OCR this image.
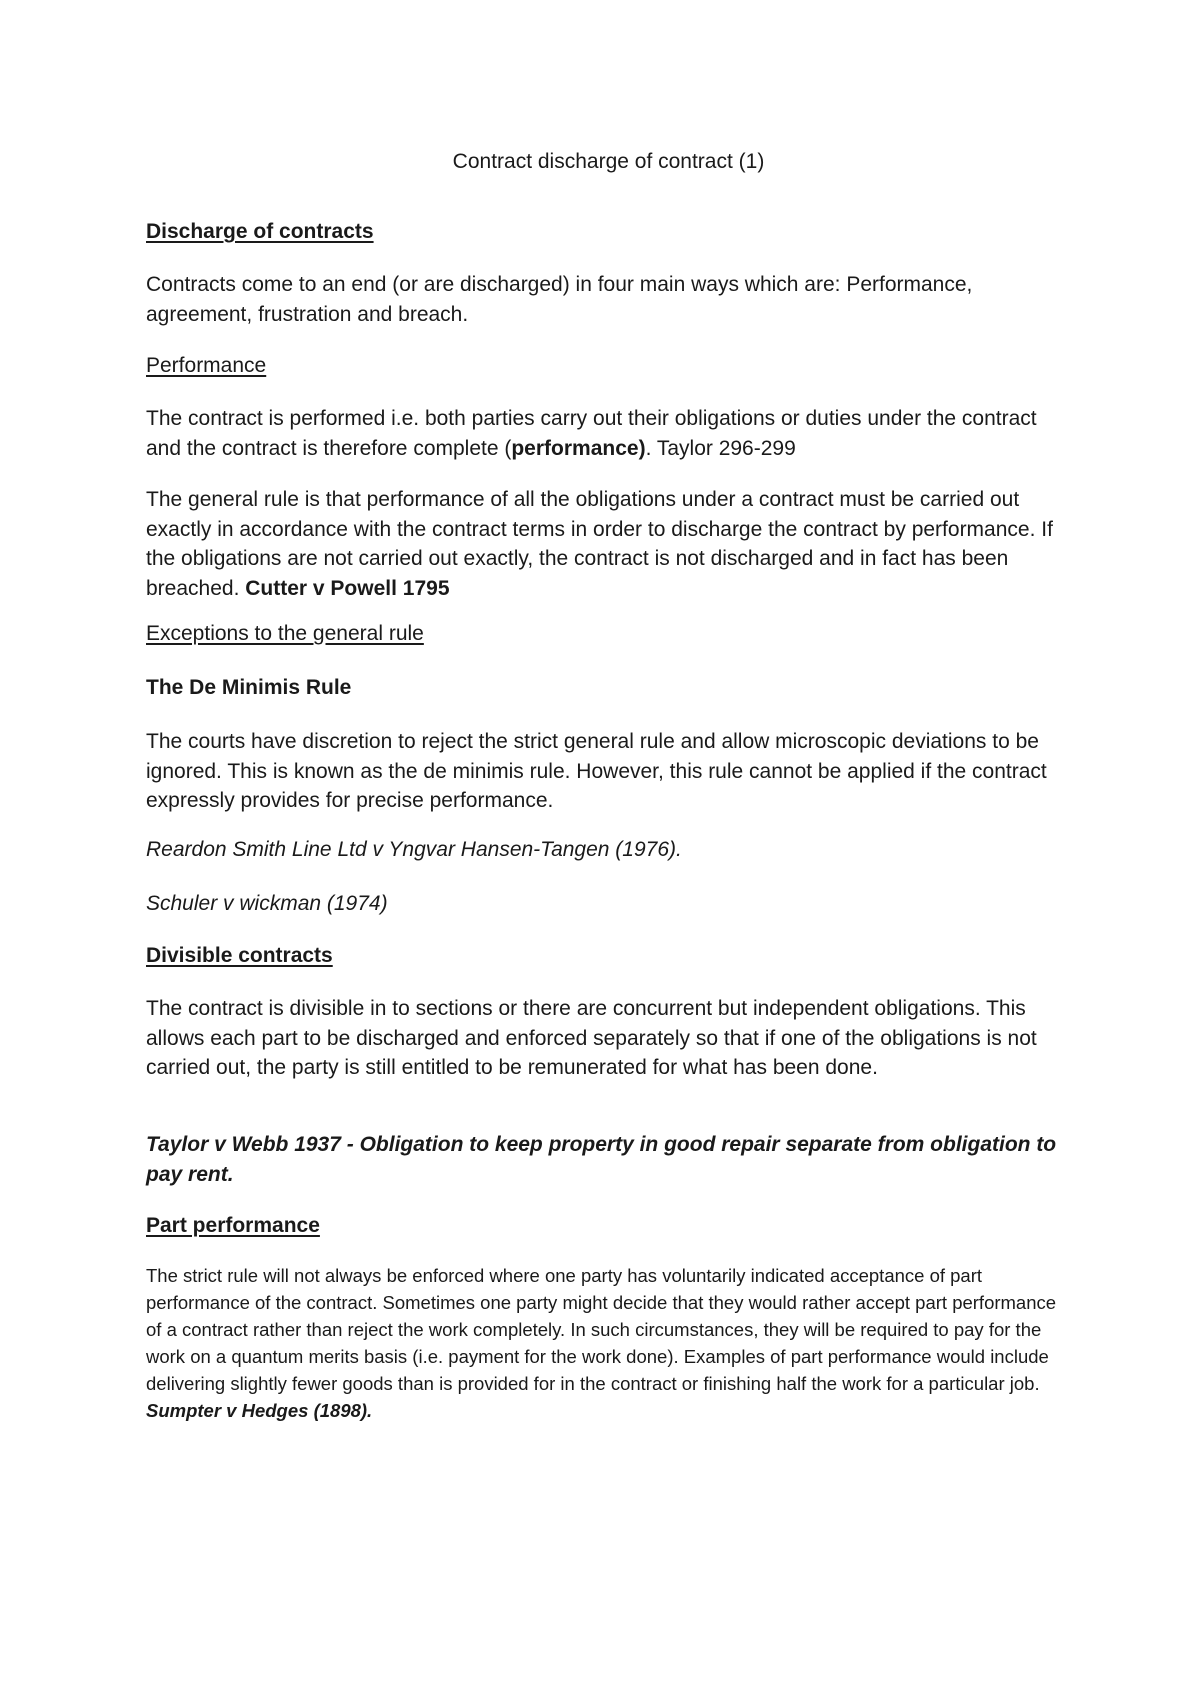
Contract discharge of contract (1)

Discharge of contracts

Contracts come to an end (or are discharged) in four main ways which are: Performance, agreement, frustration and breach.

Performance

The contract is performed i.e. both parties carry out their obligations or duties under the contract and the contract is therefore complete (performance). Taylor 296-299

The general rule is that performance of all the obligations under a contract must be carried out exactly in accordance with the contract terms in order to discharge the contract by performance. If the obligations are not carried out exactly, the contract is not discharged and in fact has been breached. Cutter v Powell 1795

Exceptions to the general rule

The De Minimis Rule

The courts have discretion to reject the strict general rule and allow microscopic deviations to be ignored. This is known as the de minimis rule. However, this rule cannot be applied if the contract expressly provides for precise performance.

Reardon Smith Line Ltd v Yngvar Hansen-Tangen (1976).

Schuler v wickman (1974)

Divisible contracts

The contract is divisible in to sections or there are concurrent but independent obligations. This allows each part to be discharged and enforced separately so that if one of the obligations is not carried out, the party is still entitled to be remunerated for what has been done.

Taylor v Webb 1937 - Obligation to keep property in good repair separate from obligation to pay rent.

Part performance

The strict rule will not always be enforced where one party has voluntarily indicated acceptance of part performance of the contract. Sometimes one party might decide that they would rather accept part performance of a contract rather than reject the work completely. In such circumstances, they will be required to pay for the work on a quantum merits basis (i.e. payment for the work done). Examples of part performance would include delivering slightly fewer goods than is provided for in the contract or finishing half the work for a particular job. Sumpter v Hedges (1898).
